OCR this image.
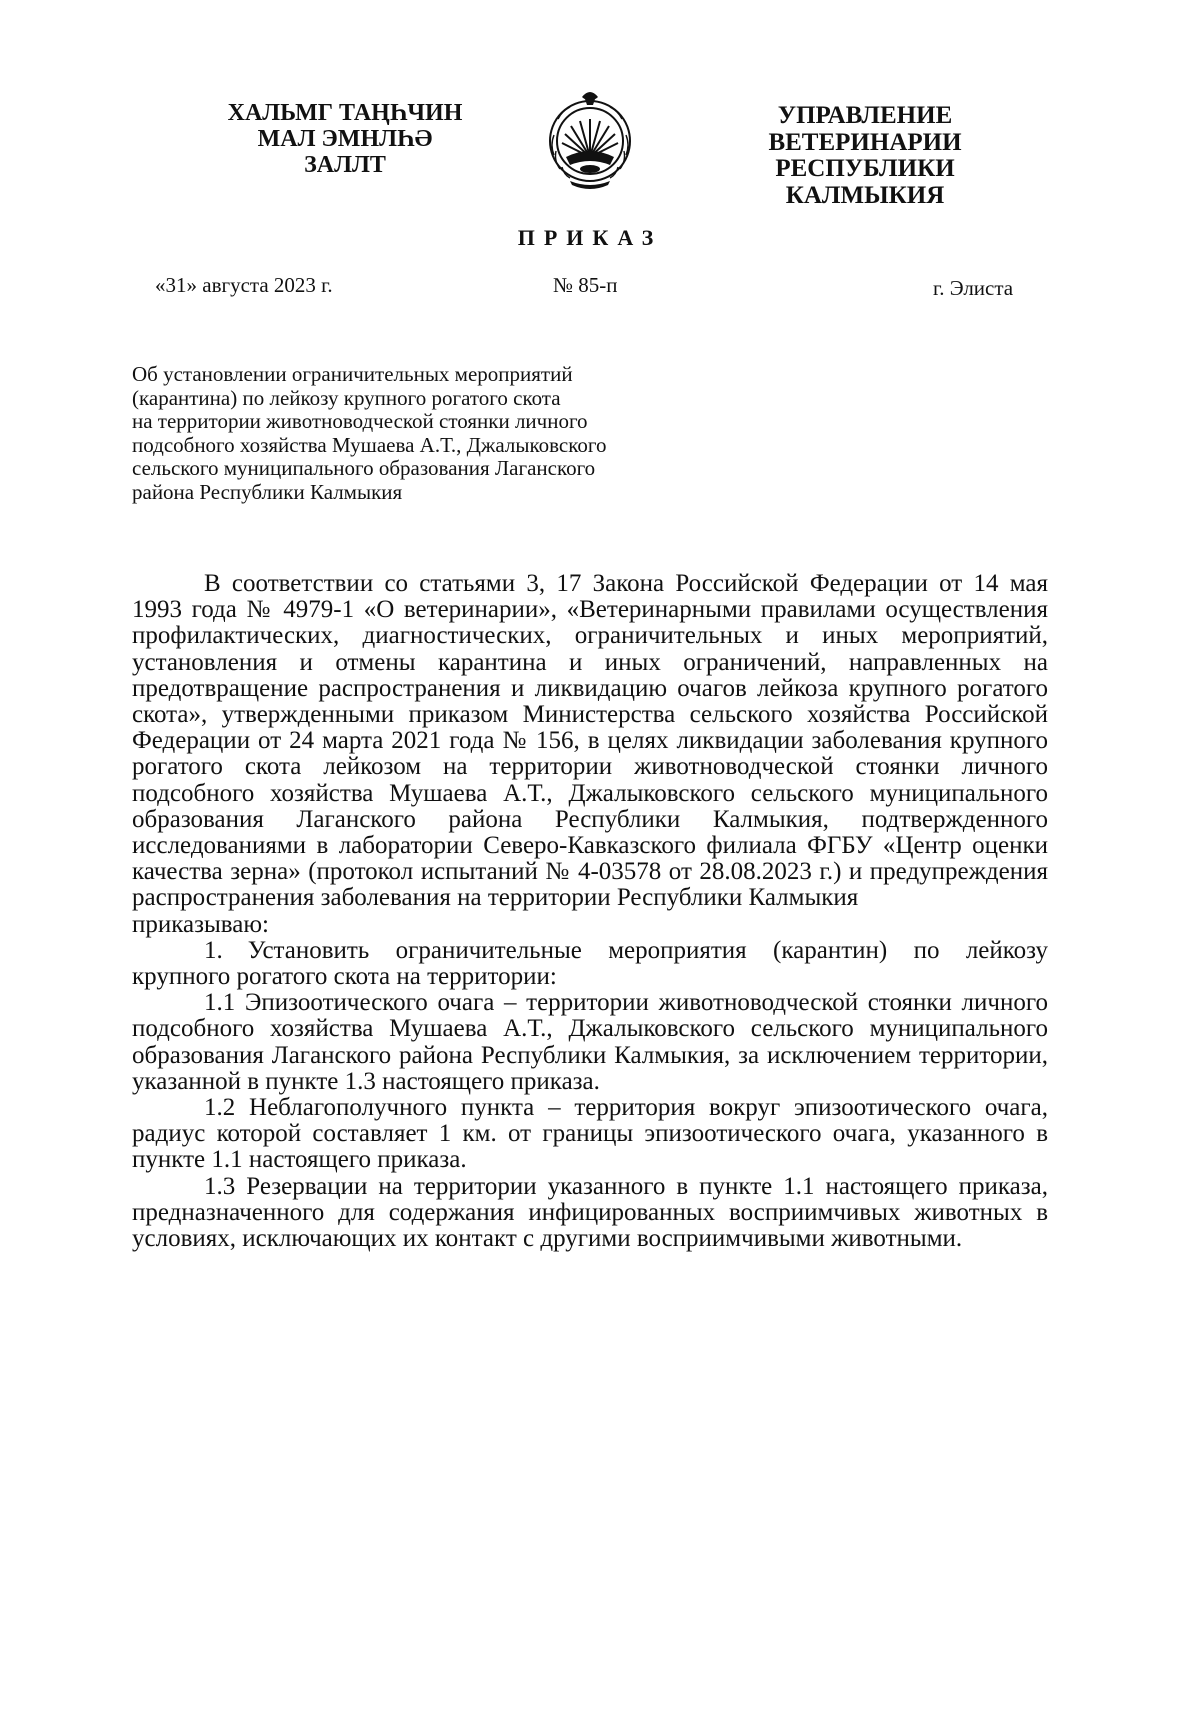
ХАЛЬМГ ТАҢҺЧИН
МАЛ ЭМНЛҺӘ
ЗАЛЛТ
УПРАВЛЕНИЕ
ВЕТЕРИНАРИИ
РЕСПУБЛИКИ КАЛМЫКИЯ
ПРИКАЗ
«31» августа 2023 г.	№ 85-п	г. Элиста
Об установлении ограничительных мероприятий
(карантина) по лейкозу крупного рогатого скота
на территории животноводческой стоянки личного
подсобного хозяйства Мушаева А.Т., Джалыковского
сельского муниципального образования Лаганского
района Республики Калмыкия

В соответствии со статьями 3, 17 Закона Российской Федерации от 14 мая 1993 года № 4979-1 «О ветеринарии», «Ветеринарными правилами осуществления профилактических, диагностических, ограничительных и иных мероприятий, установления и отмены карантина и иных ограничений, направленных на предотвращение распространения и ликвидацию очагов лейкоза крупного рогатого скота», утвержденными приказом Министерства сельского хозяйства Российской Федерации от 24 марта 2021 года № 156, в целях ликвидации заболевания крупного рогатого скота лейкозом на территории животноводческой стоянки личного подсобного хозяйства Мушаева А.Т., Джалыковского сельского муниципального образования Лаганского района Республики Калмыкия, подтвержденного исследованиями в лаборатории Северо-Кавказского филиала ФГБУ «Центр оценки качества зерна» (протокол испытаний № 4-03578 от 28.08.2023 г.) и предупреждения распространения заболевания на территории Республики Калмыкия

приказываю:

1. Установить ограничительные мероприятия (карантин) по лейкозу крупного рогатого скота на территории:

1.1 Эпизоотического очага – территории животноводческой стоянки личного подсобного хозяйства Мушаева А.Т., Джалыковского сельского муниципального образования Лаганского района Республики Калмыкия, за исключением территории, указанной в пункте 1.3 настоящего приказа.

1.2 Неблагополучного пункта – территория вокруг эпизоотического очага, радиус которой составляет 1 км. от границы эпизоотического очага, указанного в пункте 1.1 настоящего приказа.

1.3 Резервации на территории указанного в пункте 1.1 настоящего приказа, предназначенного для содержания инфицированных восприимчивых животных в условиях, исключающих их контакт с другими восприимчивыми животными.
